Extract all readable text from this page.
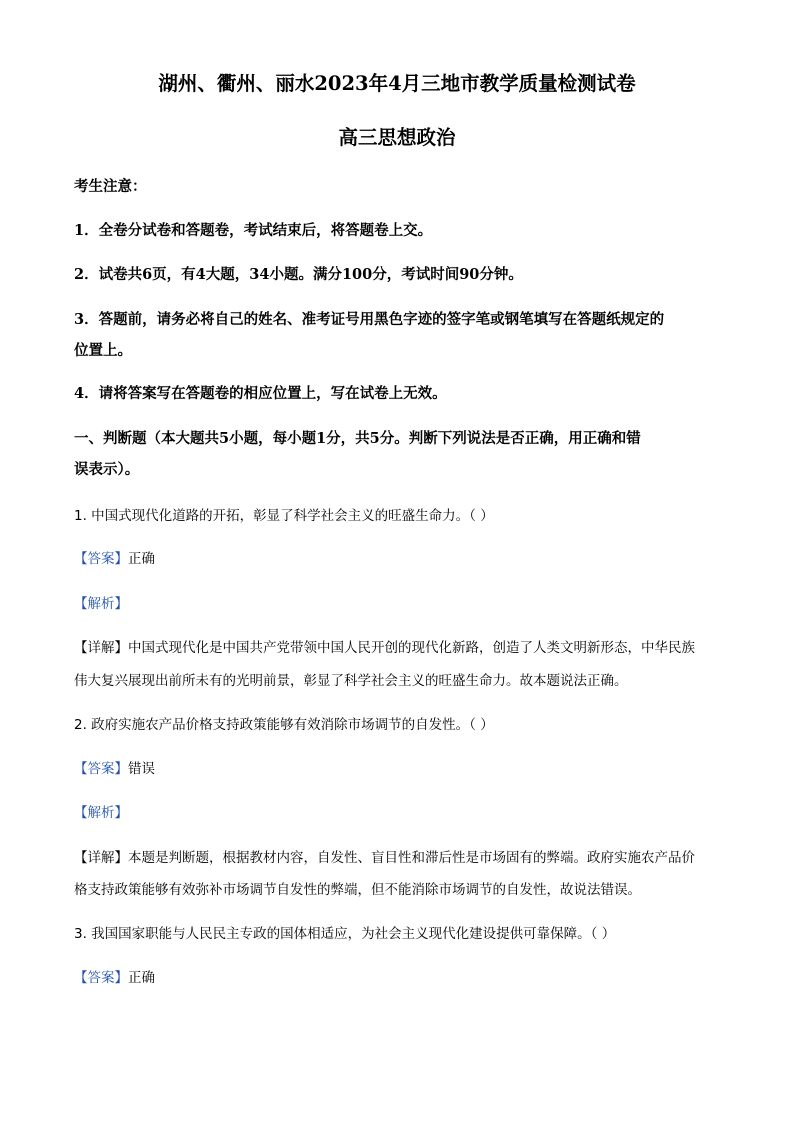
湖州、衢州、丽水2023年4月三地市教学质量检测试卷
高三思想政治
考生注意：
1．全卷分试卷和答题卷，考试结束后，将答题卷上交。
2．试卷共6页，有4大题，34小题。满分100分，考试时间90分钟。
3．答题前，请务必将自己的姓名、准考证号用黑色字迹的签字笔或钢笔填写在答题纸规定的
位置上。
4．请将答案写在答题卷的相应位置上，写在试卷上无效。
一、判断题（本大题共5小题，每小题1分，共5分。判断下列说法是否正确，用正确和错
误表示）。
1. 中国式现代化道路的开拓，彰显了科学社会主义的旺盛生命力。（ ）
【答案】正确
【解析】
【详解】中国式现代化是中国共产党带领中国人民开创的现代化新路，创造了人类文明新形态，中华民族
伟大复兴展现出前所未有的光明前景，彰显了科学社会主义的旺盛生命力。故本题说法正确。
2. 政府实施农产品价格支持政策能够有效消除市场调节的自发性。（ ）
【答案】错误
【解析】
【详解】本题是判断题，根据教材内容，自发性、盲目性和滞后性是市场固有的弊端。政府实施农产品价
格支持政策能够有效弥补市场调节自发性的弊端，但不能消除市场调节的自发性，故说法错误。
3. 我国国家职能与人民民主专政的国体相适应，为社会主义现代化建设提供可靠保障。（ ）
【答案】正确
